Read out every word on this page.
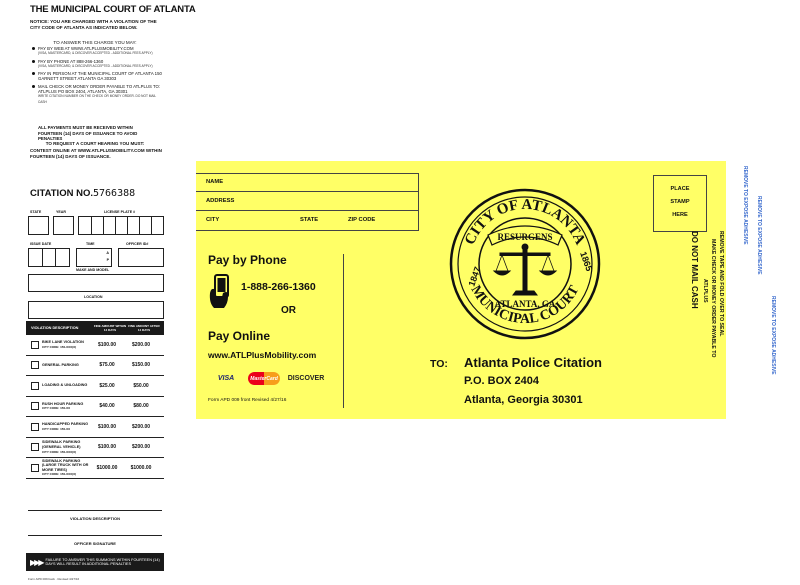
THE MUNICIPAL COURT OF ATLANTA
NOTICE: YOU ARE CHARGED WITH A VIOLATION OF THE CITY CODE OF ATLANTA AS INDICATED BELOW.
TO ANSWER THIS CHARGE YOU MAY:
PAY BY WEB AT WWW.ATLPLUSMOBILITY.COM
(VISA, MASTERCARD, & DISCOVER ACCEPTED - ADDITIONAL FEES APPLY)
PAY BY PHONE AT 888-266-1360
(VISA, MASTERCARD, & DISCOVER ACCEPTED - ADDITIONAL FEES APPLY)
PAY IN PERSON AT THE MUNICIPAL COURT OF ATLANTA 150 GARNETT STREET ATLANTA GA 30303
MAIL CHECK OR MONEY ORDER PAYABLE TO ATLPLUS TO: ATLPLUS PO BOX 2404, ATLANTA, GA 30301
WRITE CITATION NUMBER ON THE CHECK OR MONEY ORDER. DO NOT MAIL CASH
ALL PAYMENTS MUST BE RECEIVED WITHIN FOURTEEN (14) DAYS OF ISSUANCE TO AVOID PENALTIES
TO REQUEST A COURT HEARING YOU MUST:
CONTEST ONLINE AT WWW.ATLPLUSMOBILITY.COM WITHIN FOURTEEN (14) DAYS OF ISSUANCE.
CITATION NO.5766388
STATE	YEAR	LICENSE PLATE #
ISSUE DATE	TIME	OFFICER ID#
A
P
MAKE AND MODEL
LOCATION
VIOLATION DESCRIPTION	FINE AMOUNT WITHIN 14 DAYS
FINE AMOUNT AFTER 14 DAYS
BIKE LANE VIOLATION
CITY CODE: 150-XXX(X)	$100.00	$200.00
GENERAL PARKING	$75.00	$150.00
LOADING & UNLOADING	$25.00	$50.00
RUSH HOUR PARKING
CITY CODE: 150-XX	$40.00	$80.00
HANDICAPPED PARKING
CITY CODE: 150-XX	$100.00	$200.00
SIDEWALK PARKING (GENERAL VEHICLE)
CITY CODE: 150-XXX(X)
$100.00	$200.00
SIDEWALK PARKING (LARGE TRUCK WITH OR MORE TIRES)
CITY CODE: 150-XXX(X)
$1000.00	$1000.00
VIOLATION DESCRIPTION
OFFICER SIGNATURE
▶▶▶ FAILURE TO ANSWER THIS SUMMONS WITHIN FOURTEEN (14) DAYS WILL RESULT IN ADDITIONAL PENALTIES
Form APD 009 back · Revised 4/27/16
NAME
ADDRESS
CITY	STATE	ZIP CODE
Pay by Phone
1-888-266-1360
OR
Pay Online
www.ATLPlusMobility.com
VISA	MasterCard	DISCOVER
Form APD 009 front Revised 4/27/16
CITY OF ATLANTA
MUNICIPAL COURT
RESURGENS
1847
1865
ATLANTA, GA
PLACE
STAMP
HERE
REMOVE TAPE AND FOLD OVER TO SEAL
MAKE CHECK OR MONEY ORDER PAYABLE TO
ATLPLUS
DO NOT MAIL CASH
TO: Atlanta Police Citation
P.O. BOX 2404
Atlanta, Georgia 30301
REMOVE TO EXPOSE ADHESIVE REMOVE TO EXPOSE ADHESIVE
REMOVE TO EXPOSE ADHESIVE
